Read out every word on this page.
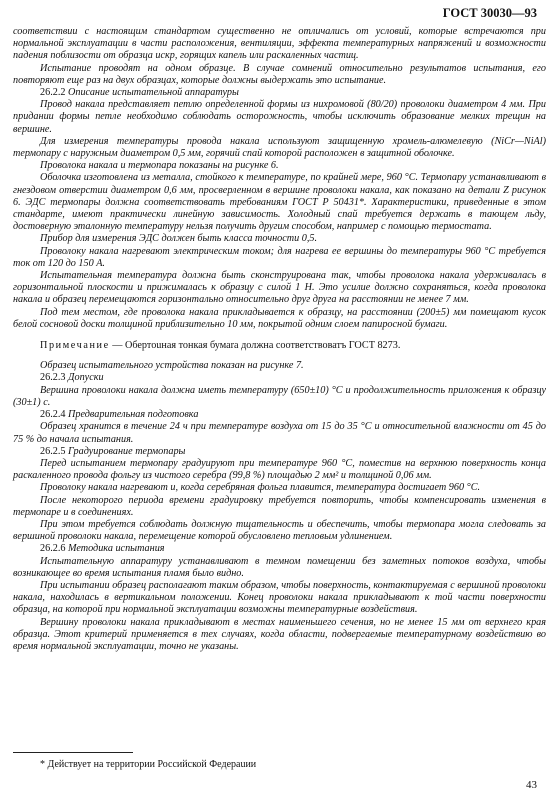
ГОСТ 30030—93

соответствии с настоящим стандартом существенно не отличались от условий, которые встречаются при нормальной эксплуатации в части расположения, вентиляции, эффекта температурных напряжений и возможности падения поблизости от образца искр, горящих капель или раскаленных частиц.

Испытание проводят на одном образце. В случае сомнений относительно результатов испытания, его повторяют еще раз на двух образцах, которые должны выдержать это испытание.

26.2.2 Описание испытательной аппаратуры

Провод накала представляет петлю определенной формы из нихромовой (80/20) проволоки диаметром 4 мм. При придании формы петле необходимо соблюдать осторожность, чтобы исключить образование мелких трещин на вершине.

Для измерения температуры провода накала используют защищенную хромель-алюмелевую (NiCr—NiAl) термопару с наружным диаметром 0,5 мм, горячий спай которой расположен в защитной оболочке.

Проволока накала и термопара показаны на рисунке 6.

Оболочка изготовлена из металла, стойкого к температуре, по крайней мере, 960 °С. Термопару устанавливают в гнездовом отверстии диаметром 0,6 мм, просверленном в вершине проволоки накала, как показано на детали Z рисунок 6. ЭДС термопары должна соответствовать требованиям ГОСТ Р 50431*. Характеристики, приведенные в этом стандарте, имеют практически линейную зависимость. Холодный спай требуется держать в тающем льду, достоверную эталонную температуру нельзя получить другим способом, например с помощью термостата.

Прибор для измерения ЭДС должен быть класса точности 0,5.

Проволоку накала нагревают электрическим током; для нагрева ее вершины до температуры 960 °С требуется ток от 120 до 150 А.

Испытательная температура должна быть сконструирована так, чтобы проволока накала удерживалась в горизонтальной плоскости и прижималась к образцу с силой 1 Н. Это усилие должно сохраняться, когда проволока накала и образец перемещаются горизонтально относительно друг друга на расстоянии не менее 7 мм.

Под тем местом, где проволока накала прикладывается к образцу, на расстоянии (200±5) мм помещают кусок белой сосновой доски толщиной приблизительно 10 мм, покрытой одним слоем папиросной бумаги.

Примечание — Обертоuная тонкая бумаrа должна соответствоватъ ГОСТ 8273.

Образец испытательного устройства показан на рисунке 7.

26.2.3 Допуски

Вершина проволоки накала должна иметь температуру (650±10) °С и продолжительность приложения к образцу (30±1) с.

26.2.4 Предварительная подготовка

Образец хранится в течение 24 ч при температуре воздуха от 15 до 35 °С и относительной влажности от 45 до 75 % до начала испытания.

26.2.5 Градуирование термопары

Перед испытанием термопару градуируют при температуре 960 °С, поместив на верхнюю поверхность конца раскаленного провода фольгу из чистого серебра (99,8 %) площадью 2 мм² и толщиной 0,06 мм.

Проволоку накала нагревают и, когда серебряная фольга плавится, температура достигает 960 °С.

После некоторого периода времени градуировку требуется повторить, чтобы компенсировать изменения в термопаре и в соединениях.

При этом требуется соблюдать должную тщательность и обеспечить, чтобы термопара могла следовать за вершиной проволоки накала, перемещение которой обусловлено тепловым удлинением.

26.2.6 Методика испытания

Испытательную аппаратуру устанавливают в темном помещении без заметных потоков воздуха, чтобы возникающее во время испытания пламя было видно.

При испытании образец располагают таким образом, чтобы поверхность, контактируемая с вершиной проволоки накала, находилась в вертикальном положении. Конец проволоки накала прикладывают к той части поверхности образца, на которой при нормальной эксплуатации возможны температурные воздействия.

Вершину проволоки накала прикладывают в местах наименьшего сечения, но не менее 15 мм от верхнего края образца. Этот критерий применяется в тех случаях, когда области, подвергаемые температурному воздействию во время нормальной эксплуатации, точно не указаны.

* Действует на территории Российской Федераuии
43
